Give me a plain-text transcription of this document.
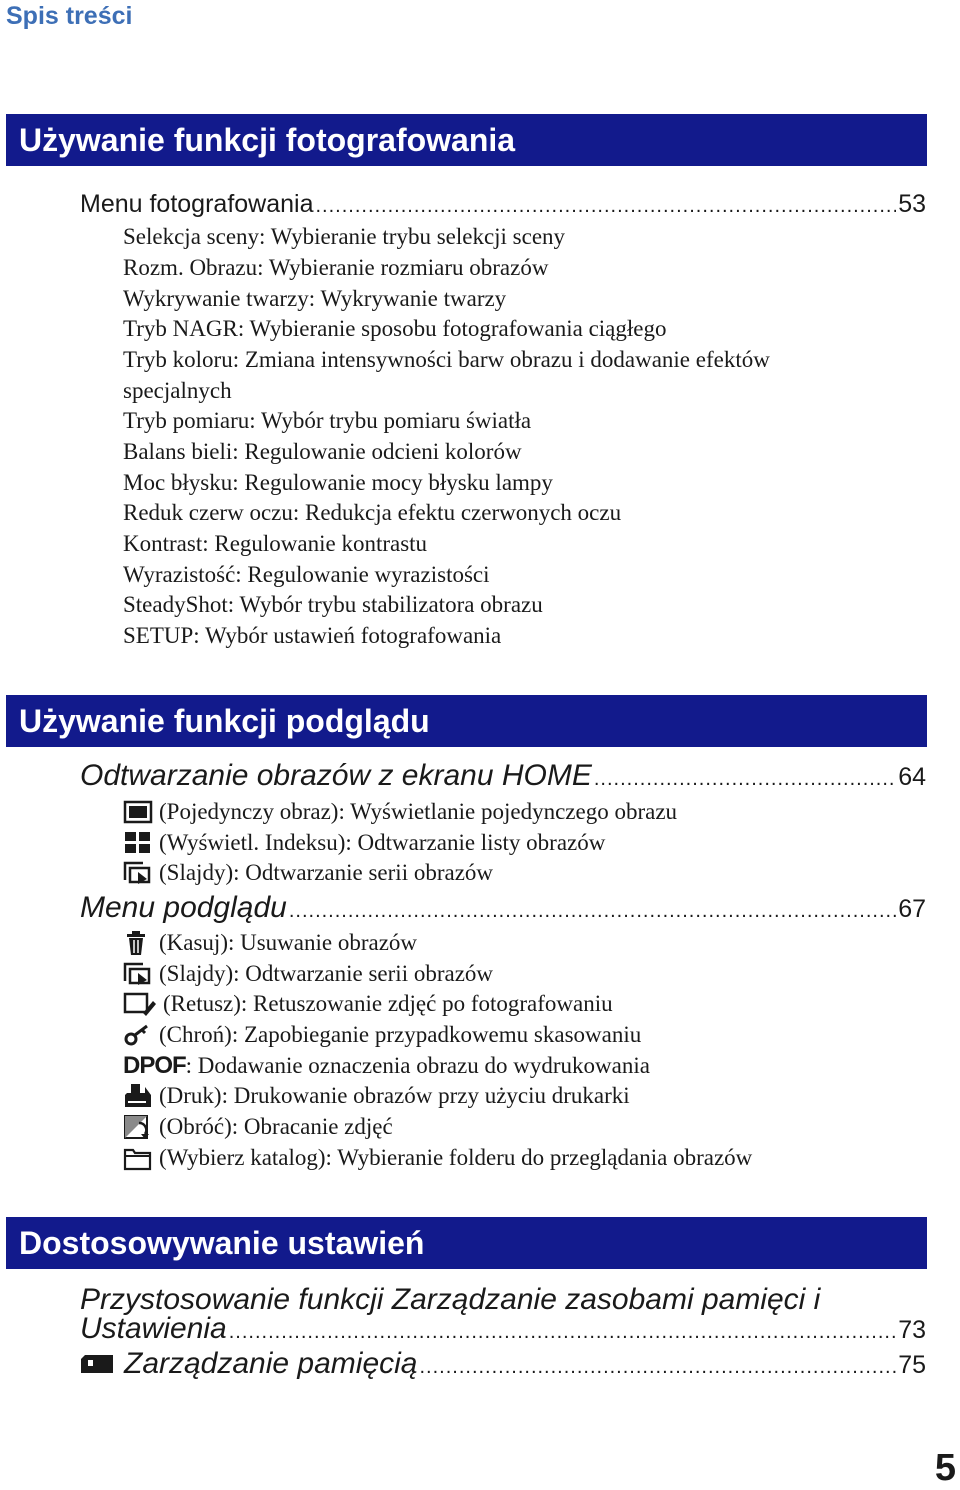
Spis treści
Używanie funkcji fotografowania
Menu fotografowania .....	53
Selekcja sceny: Wybieranie trybu selekcji sceny
Rozm. Obrazu: Wybieranie rozmiaru obrazów
Wykrywanie twarzy: Wykrywanie twarzy
Tryb NAGR: Wybieranie sposobu fotografowania ciągłego
Tryb koloru: Zmiana intensywności barw obrazu i dodawanie efektów
specjalnych
Tryb pomiaru: Wybór trybu pomiaru światła
Balans bieli: Regulowanie odcieni kolorów
Moc błysku: Regulowanie mocy błysku lampy
Reduk czerw oczu: Redukcja efektu czerwonych oczu
Kontrast: Regulowanie kontrastu
Wyrazistość: Regulowanie wyrazistości
SteadyShot: Wybór trybu stabilizatora obrazu
SETUP: Wybór ustawień fotografowania
Używanie funkcji podglądu
Odtwarzanie obrazów z ekranu HOME .....	64
(Pojedynczy obraz): Wyświetlanie pojedynczego obrazu
(Wyświetl. Indeksu): Odtwarzanie listy obrazów
(Slajdy): Odtwarzanie serii obrazów
Menu podglądu .....	67
(Kasuj): Usuwanie obrazów
(Slajdy): Odtwarzanie serii obrazów
(Retusz): Retuszowanie zdjęć po fotografowaniu
(Chroń): Zapobieganie przypadkowemu skasowaniu
DPOF : Dodawanie oznaczenia obrazu do wydrukowania
(Druk): Drukowanie obrazów przy użyciu drukarki
(Obróć): Obracanie zdjęć
(Wybierz katalog): Wybieranie folderu do przeglądania obrazów
Dostosowywanie ustawień
Przystosowanie funkcji Zarządzanie zasobami pamięci i
Ustawienia .....	73
Zarządzanie pamięcią .....	75
5
